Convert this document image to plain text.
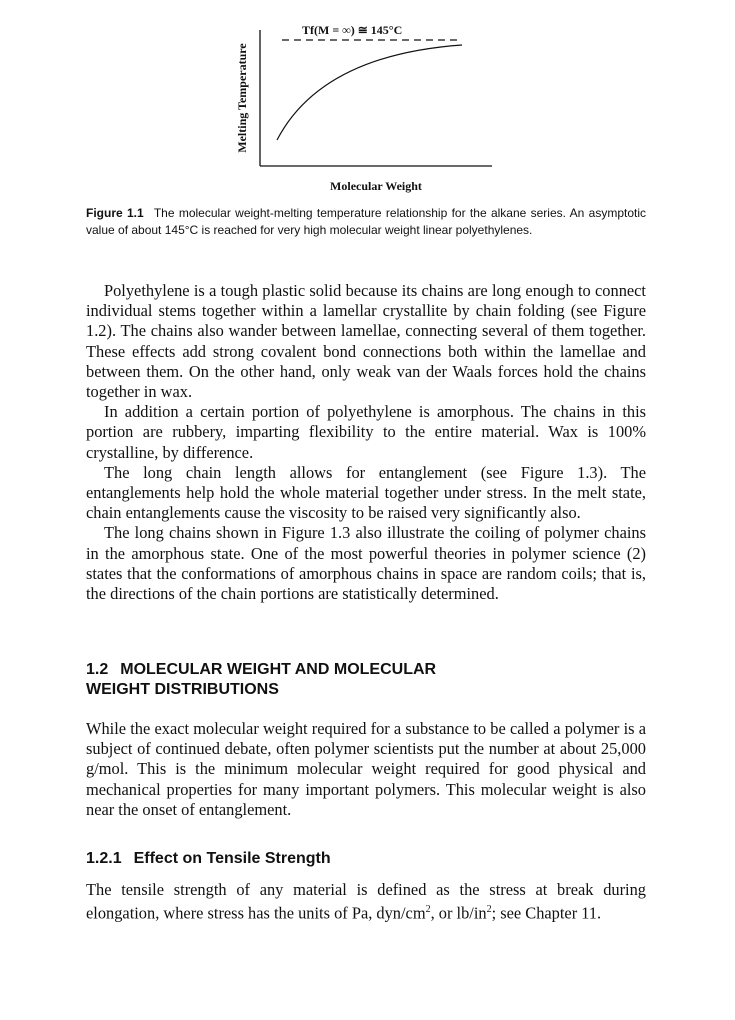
Tf(M = ∞) ≅ 145°C
Melting Temperature
Molecular Weight
Figure 1.1 The molecular weight-melting temperature relationship for the alkane series. An asymptotic value of about 145°C is reached for very high molecular weight linear polyethylenes.

Polyethylene is a tough plastic solid because its chains are long enough to connect individual stems together within a lamellar crystallite by chain folding (see Figure 1.2). The chains also wander between lamellae, connecting several of them together. These effects add strong covalent bond connections both within the lamellae and between them. On the other hand, only weak van der Waals forces hold the chains together in wax.

In addition a certain portion of polyethylene is amorphous. The chains in this portion are rubbery, imparting flexibility to the entire material. Wax is 100% crystalline, by difference.

The long chain length allows for entanglement (see Figure 1.3). The entanglements help hold the whole material together under stress. In the melt state, chain entanglements cause the viscosity to be raised very significantly also.

The long chains shown in Figure 1.3 also illustrate the coiling of polymer chains in the amorphous state. One of the most powerful theories in polymer science (2) states that the conformations of amorphous chains in space are random coils; that is, the directions of the chain portions are statistically determined.

1.2 MOLECULAR WEIGHT AND MOLECULAR
WEIGHT DISTRIBUTIONS

While the exact molecular weight required for a substance to be called a polymer is a subject of continued debate, often polymer scientists put the number at about 25,000 g/mol. This is the minimum molecular weight required for good physical and mechanical properties for many important polymers. This molecular weight is also near the onset of entanglement.

1.2.1 Effect on Tensile Strength

The tensile strength of any material is defined as the stress at break during elongation, where stress has the units of Pa, dyn/$cm^2$, or $lb/in^2$; see Chapter 11.
